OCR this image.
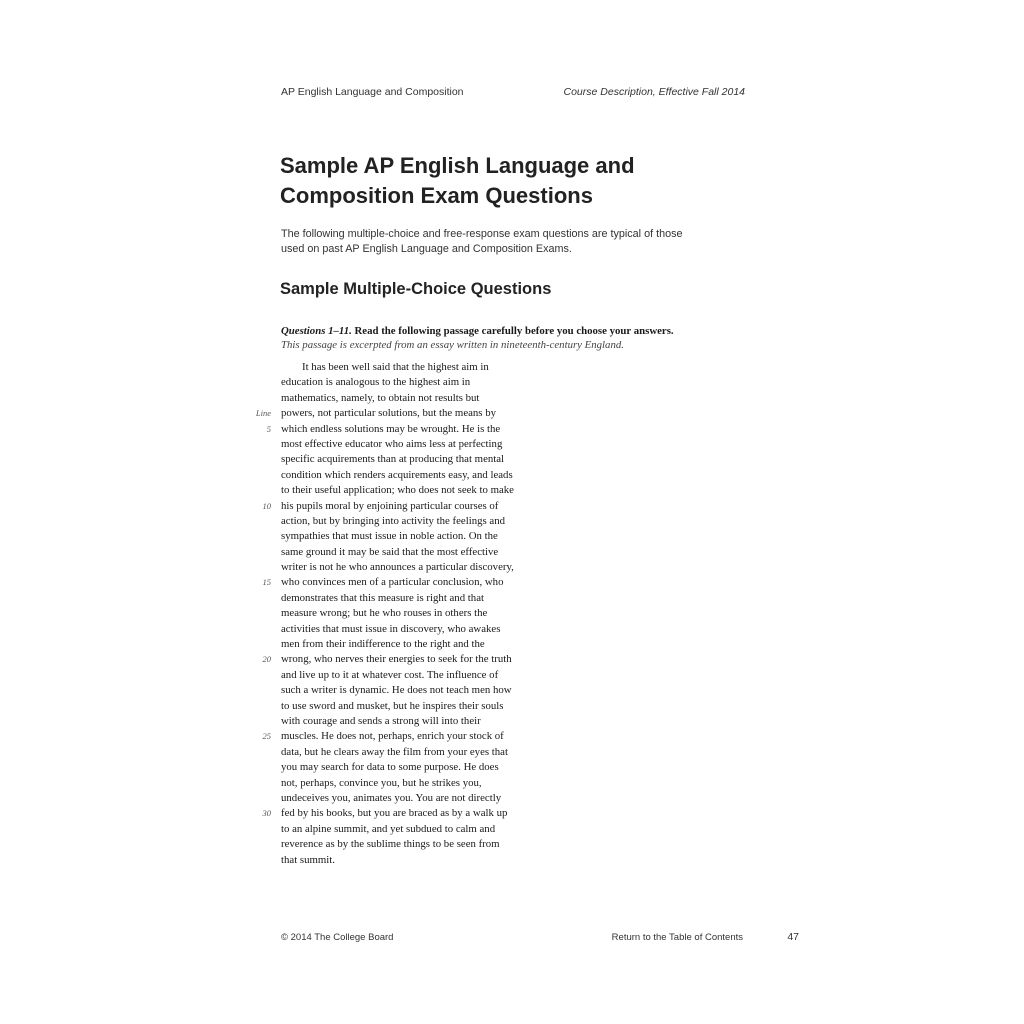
AP English Language and Composition	Course Description, Effective Fall 2014
Sample AP English Language and
Composition Exam Questions

The following multiple-choice and free-response exam questions are typical of those
used on past AP English Language and Composition Exams.

Sample Multiple-Choice Questions
Questions 1–11. Read the following passage carefully before you choose your answers.
This passage is excerpted from an essay written in nineteenth-century England.
It has been well said that the highest aim in
education is analogous to the highest aim in
mathematics, namely, to obtain not results but
Line powers, not particular solutions, but the means by
5 which endless solutions may be wrought. He is the
most effective educator who aims less at perfecting
specific acquirements than at producing that mental
condition which renders acquirements easy, and leads
to their useful application; who does not seek to make
10 his pupils moral by enjoining particular courses of
action, but by bringing into activity the feelings and
sympathies that must issue in noble action. On the
same ground it may be said that the most effective
writer is not he who announces a particular discovery,
15 who convinces men of a particular conclusion, who
demonstrates that this measure is right and that
measure wrong; but he who rouses in others the
activities that must issue in discovery, who awakes
men from their indifference to the right and the
20 wrong, who nerves their energies to seek for the truth
and live up to it at whatever cost. The influence of
such a writer is dynamic. He does not teach men how
to use sword and musket, but he inspires their souls
with courage and sends a strong will into their
25 muscles. He does not, perhaps, enrich your stock of
data, but he clears away the film from your eyes that
you may search for data to some purpose. He does
not, perhaps, convince you, but he strikes you,
undeceives you, animates you. You are not directly
30 fed by his books, but you are braced as by a walk up
to an alpine summit, and yet subdued to calm and
reverence as by the sublime things to be seen from
that summit.
© 2014 The College Board	Return to the Table of Contents	47
